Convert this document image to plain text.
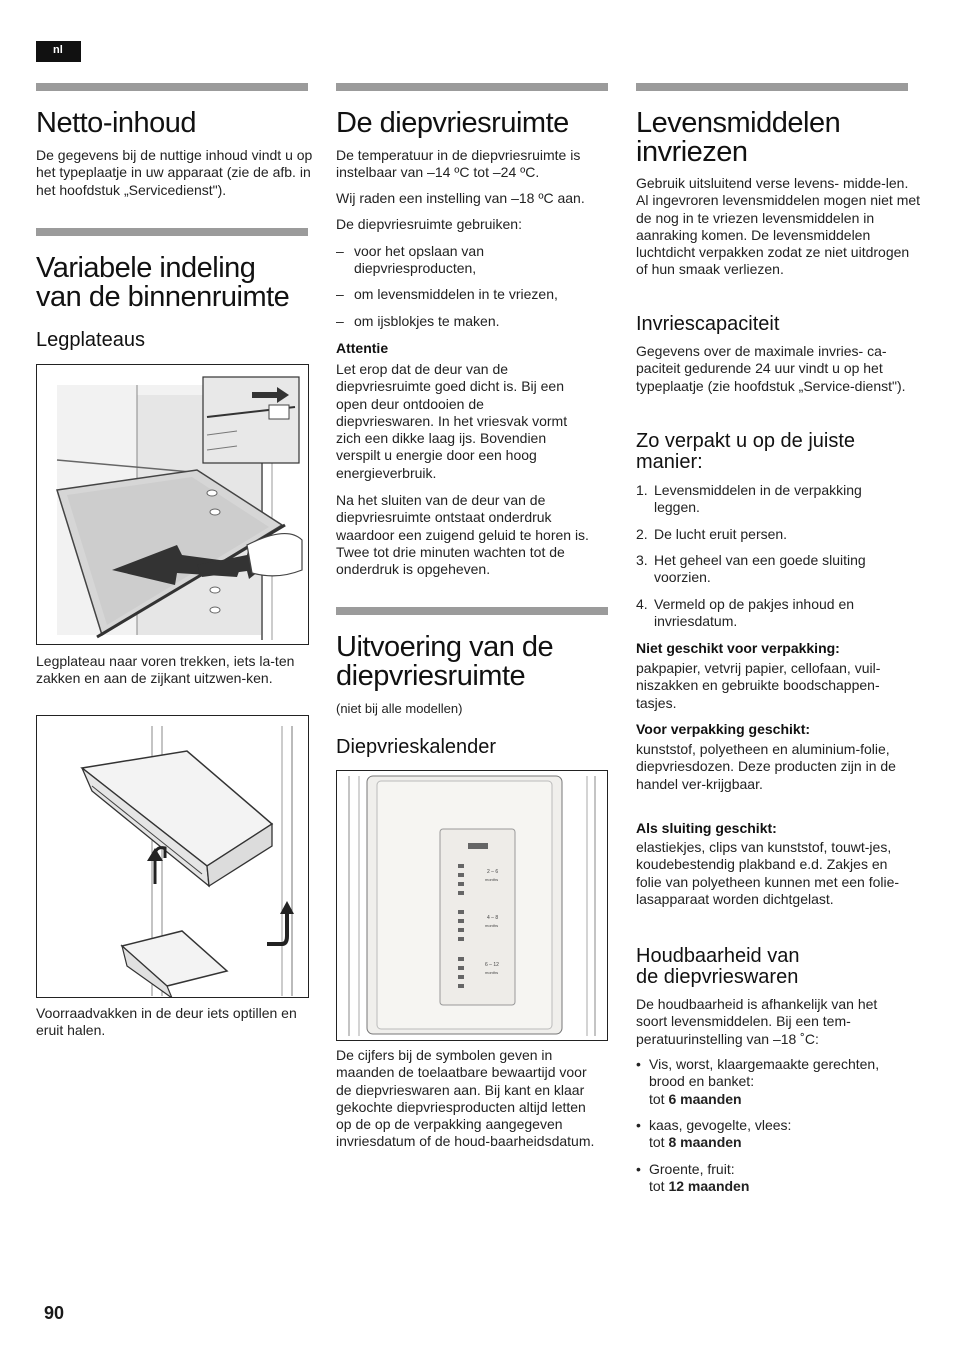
nl
Netto-inhoud
De gegevens bij de nuttige inhoud vindt u op het typeplaatje in uw apparaat (zie de afb. in het hoofdstuk „Servicedienst").
Variabele indeling
van de binnenruimte
Legplateaus
Legplateau naar voren trekken, iets la-ten zakken en aan de zijkant uitzwen-ken.
Voorraadvakken in de deur iets optillen en eruit halen.
De diepvriesruimte
De temperatuur in de diepvriesruimte is instelbaar van –14 ºC tot –24 ºC.
Wij raden een instelling van –18 ºC aan.
De diepvriesruimte gebruiken:
– voor het opslaan van diepvriesproducten,
– om levensmiddelen in te vriezen,
– om ijsblokjes te maken.
Attentie
Let erop dat de deur van de diepvriesruimte goed dicht is. Bij een open deur ontdooien de diepvrieswaren. In het vriesvak vormt zich een dikke laag ijs. Bovendien verspilt u energie door een hoog energieverbruik.
Na het sluiten van de deur van de diepvriesruimte ontstaat onderdruk waardoor een zuigend geluid te horen is. Twee tot drie minuten wachten tot de onderdruk is opgeheven.
Uitvoering van de
diepvriesruimte
(niet bij alle modellen)
Diepvrieskalender
2 – 6
months
4 – 8
months
6 – 12
months
De cijfers bij de symbolen geven in maanden de toelaatbare bewaartijd voor de diepvrieswaren aan. Bij kant en klaar gekochte diepvriesproducten altijd letten op de op de verpakking aangegeven invriesdatum of de houd-baarheidsdatum.
Levensmiddelen
invriezen
Gebruik uitsluitend verse levens- midde-len. Al ingevroren levensmiddelen mogen niet met de nog in te vriezen levensmiddelen in aanraking komen. De levensmiddelen luchtdicht verpakken zodat ze niet uitdrogen of hun smaak verliezen.
Invriescapaciteit
Gegevens over de maximale invries- ca-paciteit gedurende 24 uur vindt u op het typeplaatje (zie hoofdstuk „Service-dienst").
Zo verpakt u op de juiste
manier:
1. Levensmiddelen in de verpakking leggen.
2. De lucht eruit persen.
3. Het geheel van een goede sluiting voorzien.
4. Vermeld op de pakjes inhoud en invriesdatum.
Niet geschikt voor verpakking:
pakpapier, vetvrij papier, cellofaan, vuil-niszakken en gebruikte boodschappen-tasjes.
Voor verpakking geschikt:
kunststof, polyetheen en aluminium-folie, diepvriesdozen. Deze producten zijn in de handel ver-krijgbaar.
Als sluiting geschikt:
elastiekjes, clips van kunststof, touwt-jes, koudebestendig plakband e.d. Zakjes en folie van polyetheen kunnen met een folie-lasapparaat worden dichtgelast.
Houdbaarheid van
de diepvrieswaren
De houdbaarheid is afhankelijk van het soort levensmiddelen. Bij een tem-peratuurinstelling van –18 ˚C:
• Vis, worst, klaargemaakte gerechten, brood en banket:
tot 6 maanden
• kaas, gevogelte, vlees:
tot 8 maanden
• Groente, fruit:
tot 12 maanden
90
